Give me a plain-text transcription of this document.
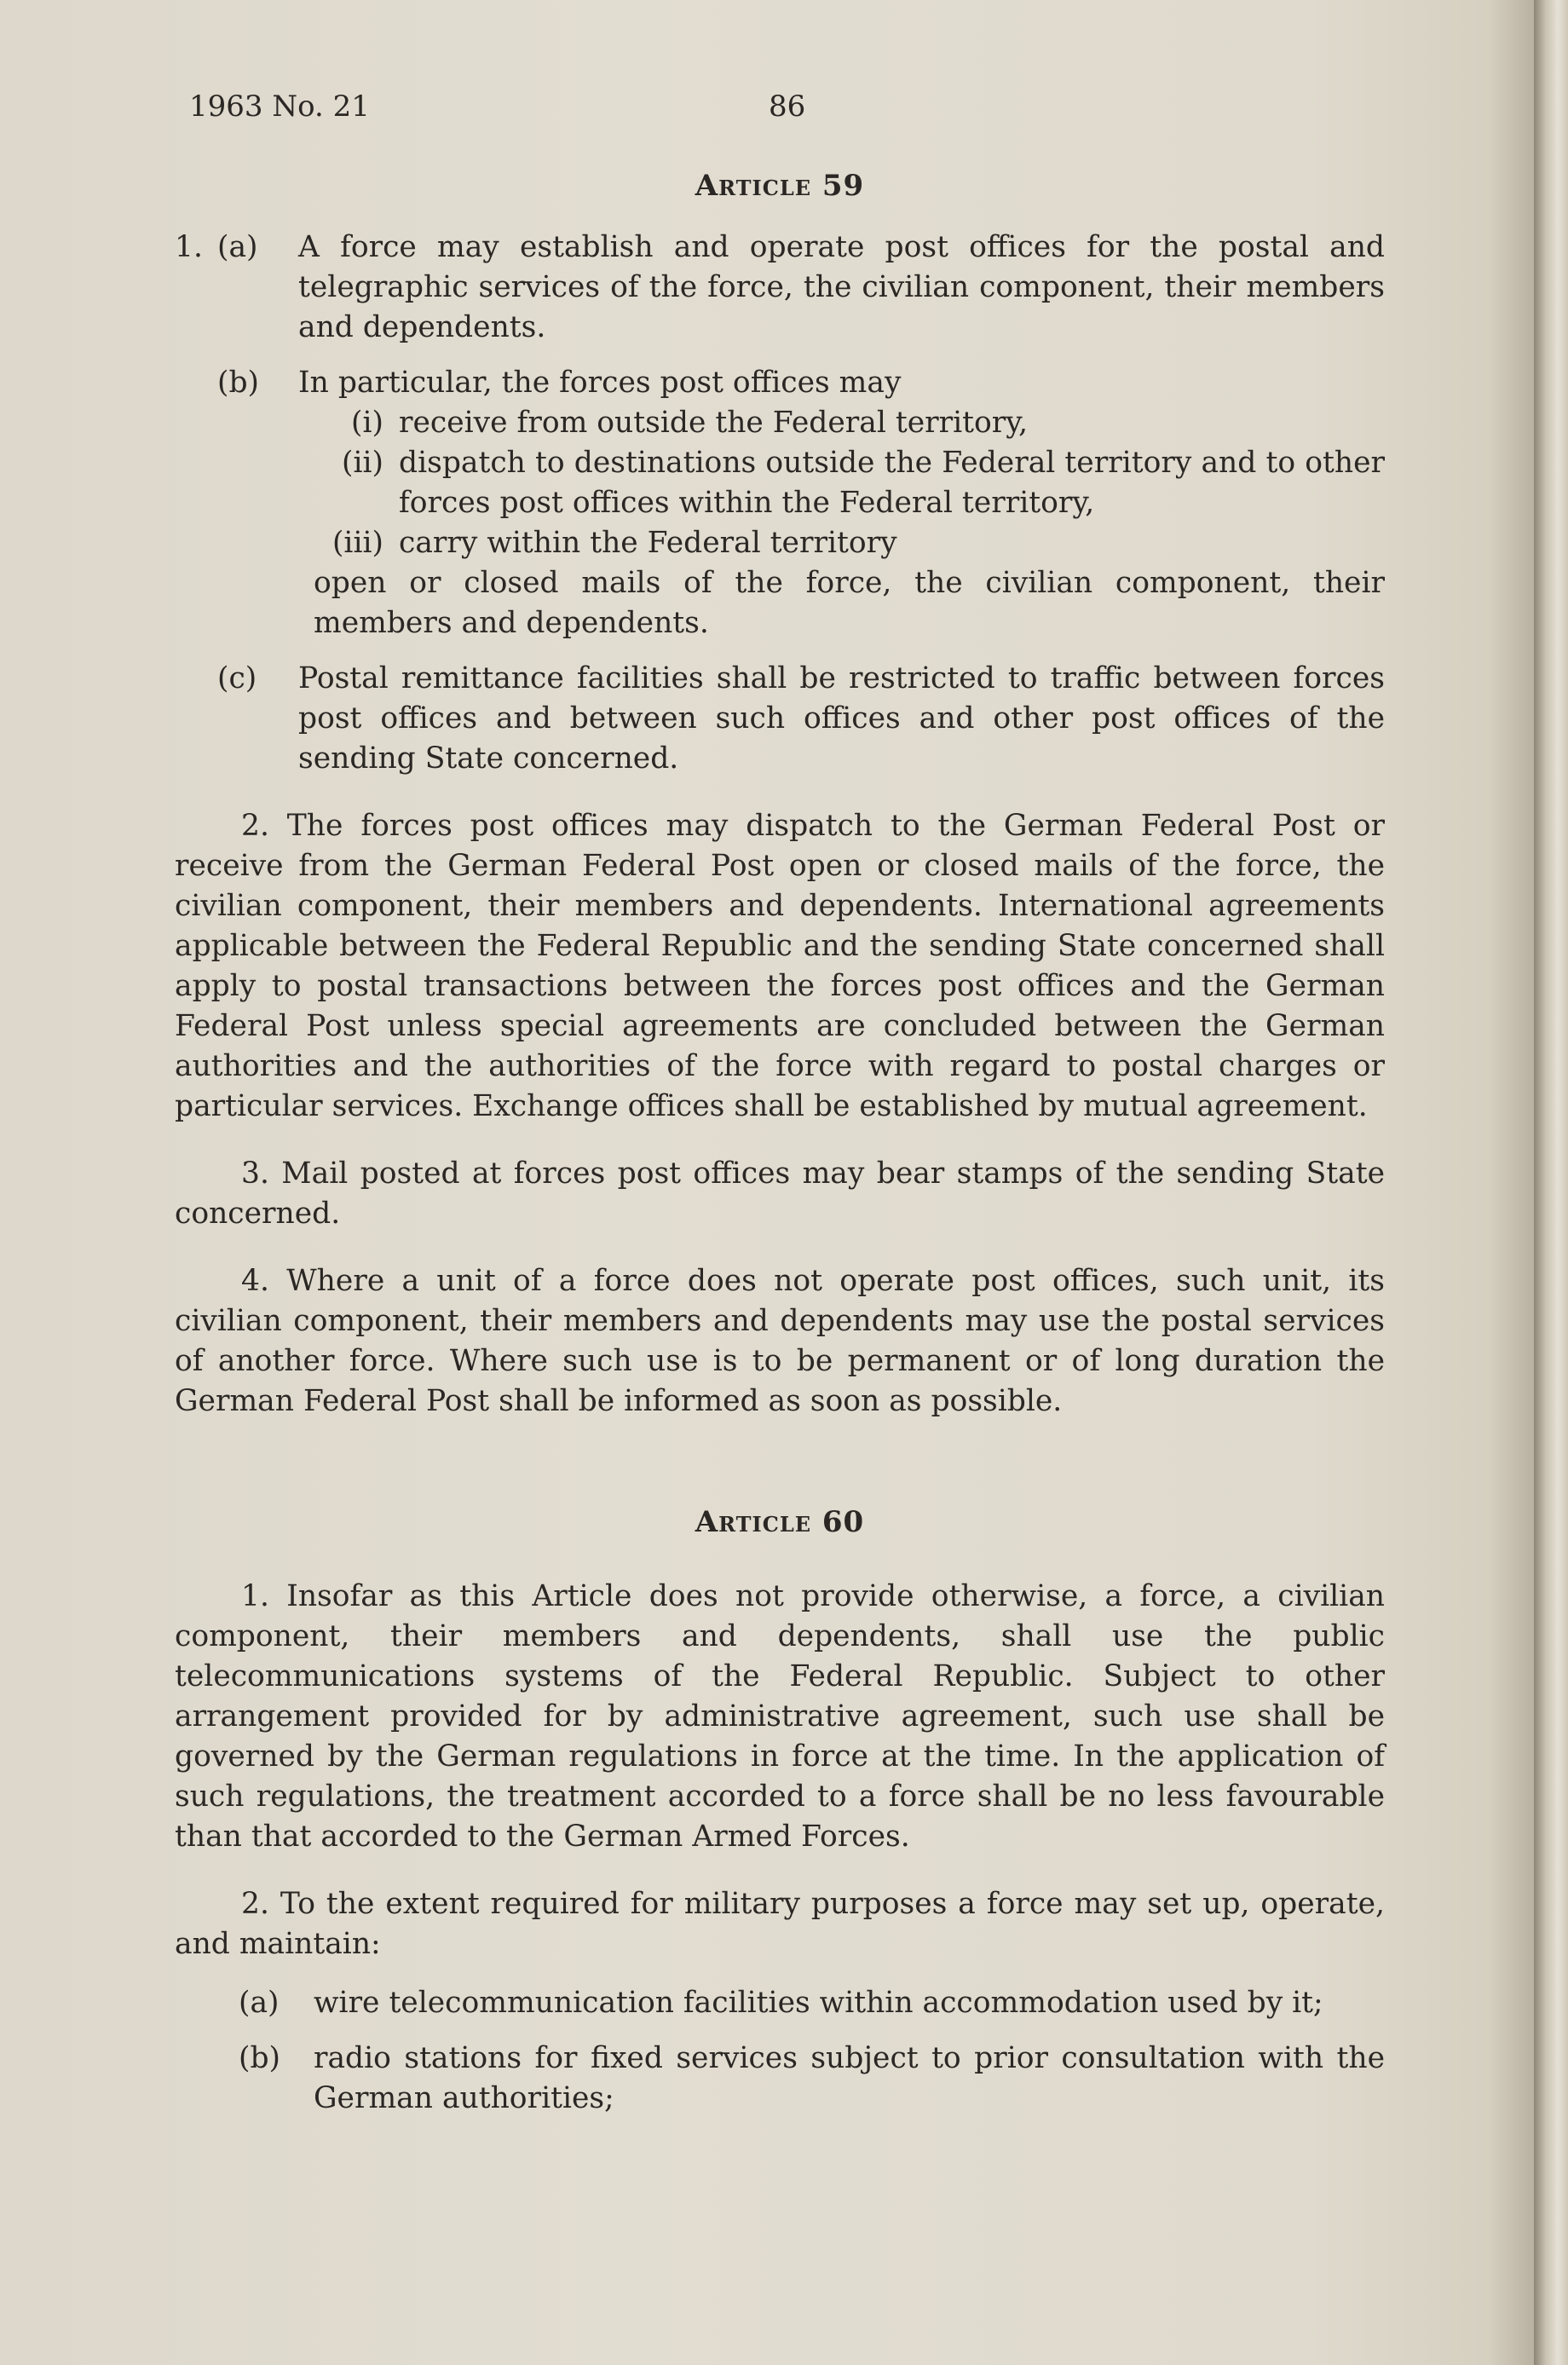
1963 No. 21	86
Article 59
1. (a)	A force may establish and operate post offices for the postal and telegraphic services of the force, the civilian component, their members and dependents.
(b)	In particular, the forces post offices may
(i) receive from outside the Federal territory,
(ii) dispatch to destinations outside the Federal territory and to other forces post offices within the Federal territory,
(iii) carry within the Federal territory

open or closed mails of the force, the civilian component, their members and dependents.

(c)	Postal remittance facilities shall be restricted to traffic between forces post offices and between such offices and other post offices of the sending State concerned.

2. The forces post offices may dispatch to the German Federal Post or receive from the German Federal Post open or closed mails of the force, the civilian component, their members and dependents. International agreements applicable between the Federal Republic and the sending State concerned shall apply to postal transactions between the forces post offices and the German Federal Post unless special agreements are concluded between the German authorities and the authorities of the force with regard to postal charges or particular services. Exchange offices shall be established by mutual agreement.

3. Mail posted at forces post offices may bear stamps of the sending State concerned.

4. Where a unit of a force does not operate post offices, such unit, its civilian component, their members and dependents may use the postal services of another force. Where such use is to be permanent or of long duration the German Federal Post shall be informed as soon as possible.

Article 60

1. Insofar as this Article does not provide otherwise, a force, a civilian component, their members and dependents, shall use the public telecommunications systems of the Federal Republic. Subject to other arrangement provided for by administrative agreement, such use shall be governed by the German regulations in force at the time. In the application of such regulations, the treatment accorded to a force shall be no less favourable than that accorded to the German Armed Forces.

2. To the extent required for military purposes a force may set up, operate, and maintain:

(a)	wire telecommunication facilities within accommodation used by it;
(b)	radio stations for fixed services subject to prior consultation with the German authorities;
